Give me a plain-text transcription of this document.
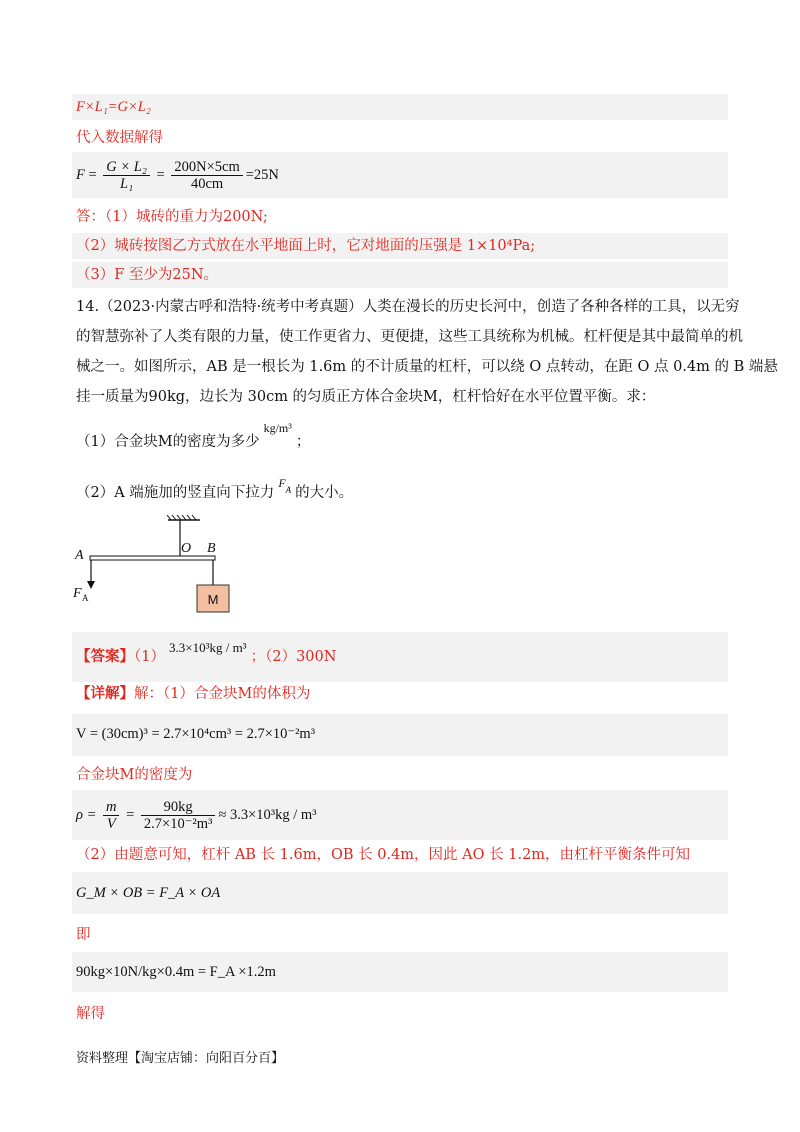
F×L₁=G×L₂
代入数据解得
$F = \frac{\text{G × L₂}}{\text{L₁}} = \frac{200N\times 5cm}{40cm} =25N$
答：（1）城砖的重力为200N;
（2）城砖按图乙方式放在水平地面上时，它对地面的压强是 1×10⁴Pa;
（3）F 至少为25N。
14.（2023·内蒙古呼和浩特·统考中考真题）人类在漫长的历史长河中，创造了各种各样的工具，以无穷
的智慧弥补了人类有限的力量，使工作更省力、更便捷，这些工具统称为机械。杠杆便是其中最简单的机
械之一。如图所示，AB 是一根长为 1.6m 的不计质量的杠杆，可以绕 O 点转动，在距 O 点 0.4m 的 B 端悬
挂一质量为90kg，边长为 30cm 的匀质正方体合金块M，杠杆恰好在水平位置平衡。求：
（1）合金块M的密度为多少$^{kg/m^3}$；
（2）A 端施加的竖直向下拉力$^{FA}$ 的大小。
M
A	O B
F A
【答案】（1）3.3×10³kg / m³；（2）300N
【详解】解：（1）合金块M的体积为
V = (30cm)³ = 2.7×10⁴cm³ = 2.7×10⁻²m³
合金块M的密度为
$\rho = \frac{m}{V} = \frac{90kg}{\text{2.7×10⁻²m³}} \approx 3.3\times 10^3kg / m^3$
（2）由题意可知，杠杆 AB 长 1.6m，OB 长 0.4m，因此 AO 长 1.2m，由杠杆平衡条件可知
G_M × OB = F_A × OA
即
90kg×10N/kg×0.4m = F_A ×1.2m
解得
资料整理【淘宝店铺：向阳百分百】
